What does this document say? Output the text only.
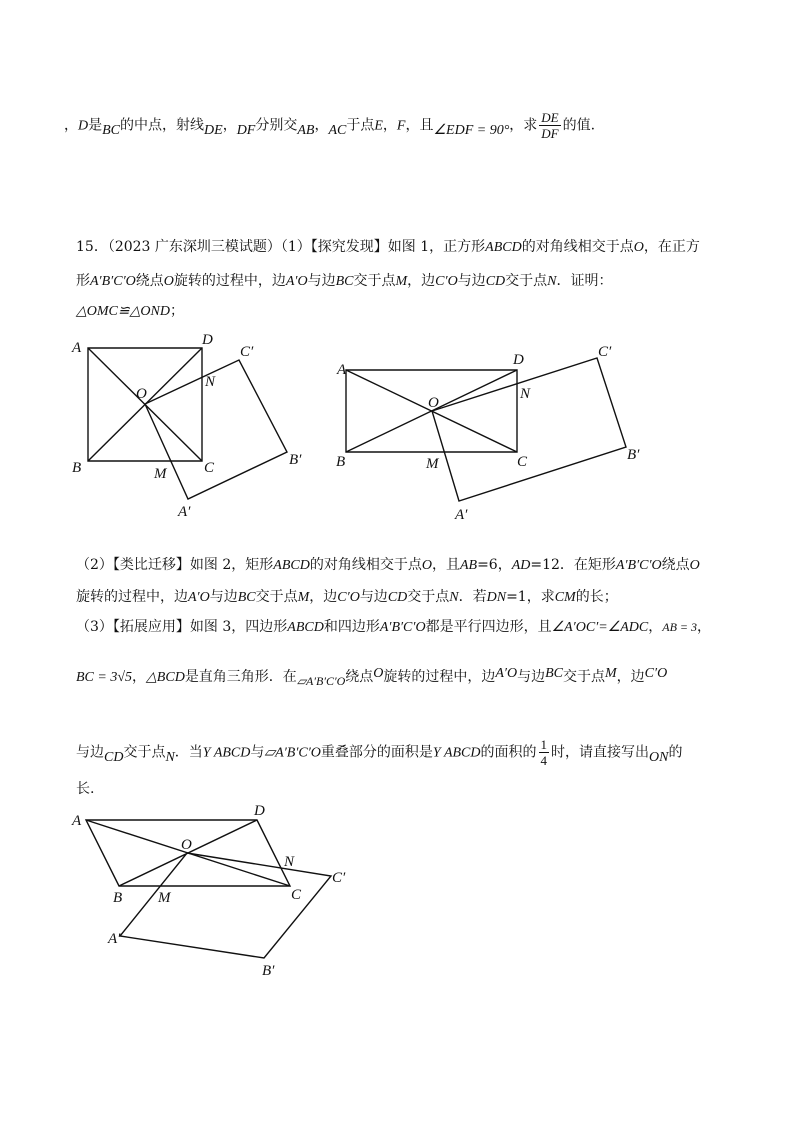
，D是BC的中点，射线DE，DF分别交AB，AC于点E，F，且∠EDF = 90°，求 $\frac{DE}{DF}$ 的值.
15．（2023 广东深圳三模试题）（1）【探究发现】如图 1，正方形ABCD的对角线相交于点O，在正方
形A′B′C′O绕点O旋转的过程中，边A′O与边BC交于点M，边C′O与边CD交于点N．证明：
△OMC≌△OND；
A	D
B	C
O
M
N
A′
B′
C′
A
D
B	C
O
M
N
A′
B′
C′
（2）【类比迁移】如图 2，矩形ABCD的对角线相交于点O，且AB=6，AD=12．在矩形A′B′C′O绕点O
旋转的过程中，边A′O与边BC交于点M，边C′O与边CD交于点N．若DN=1，求CM的长；
（3）【拓展应用】如图 3，四边形ABCD和四边形A′B′C′O都是平行四边形，且∠A′OC′=∠ADC，AB = 3，
BC = 3√5，△BCD是直角三角形．在▱A′B′C′O绕点O旋转的过程中，边A′O与边BC交于点M，边C′O
与边CD交于点N．当Y ABCD与▱A′B′C′O重叠部分的面积是Y ABCD的面积的 $\frac{1}{4}$ 时，请直接写出ON的
长.
A
D
B	C
O
M
N
A′
B′
C′
